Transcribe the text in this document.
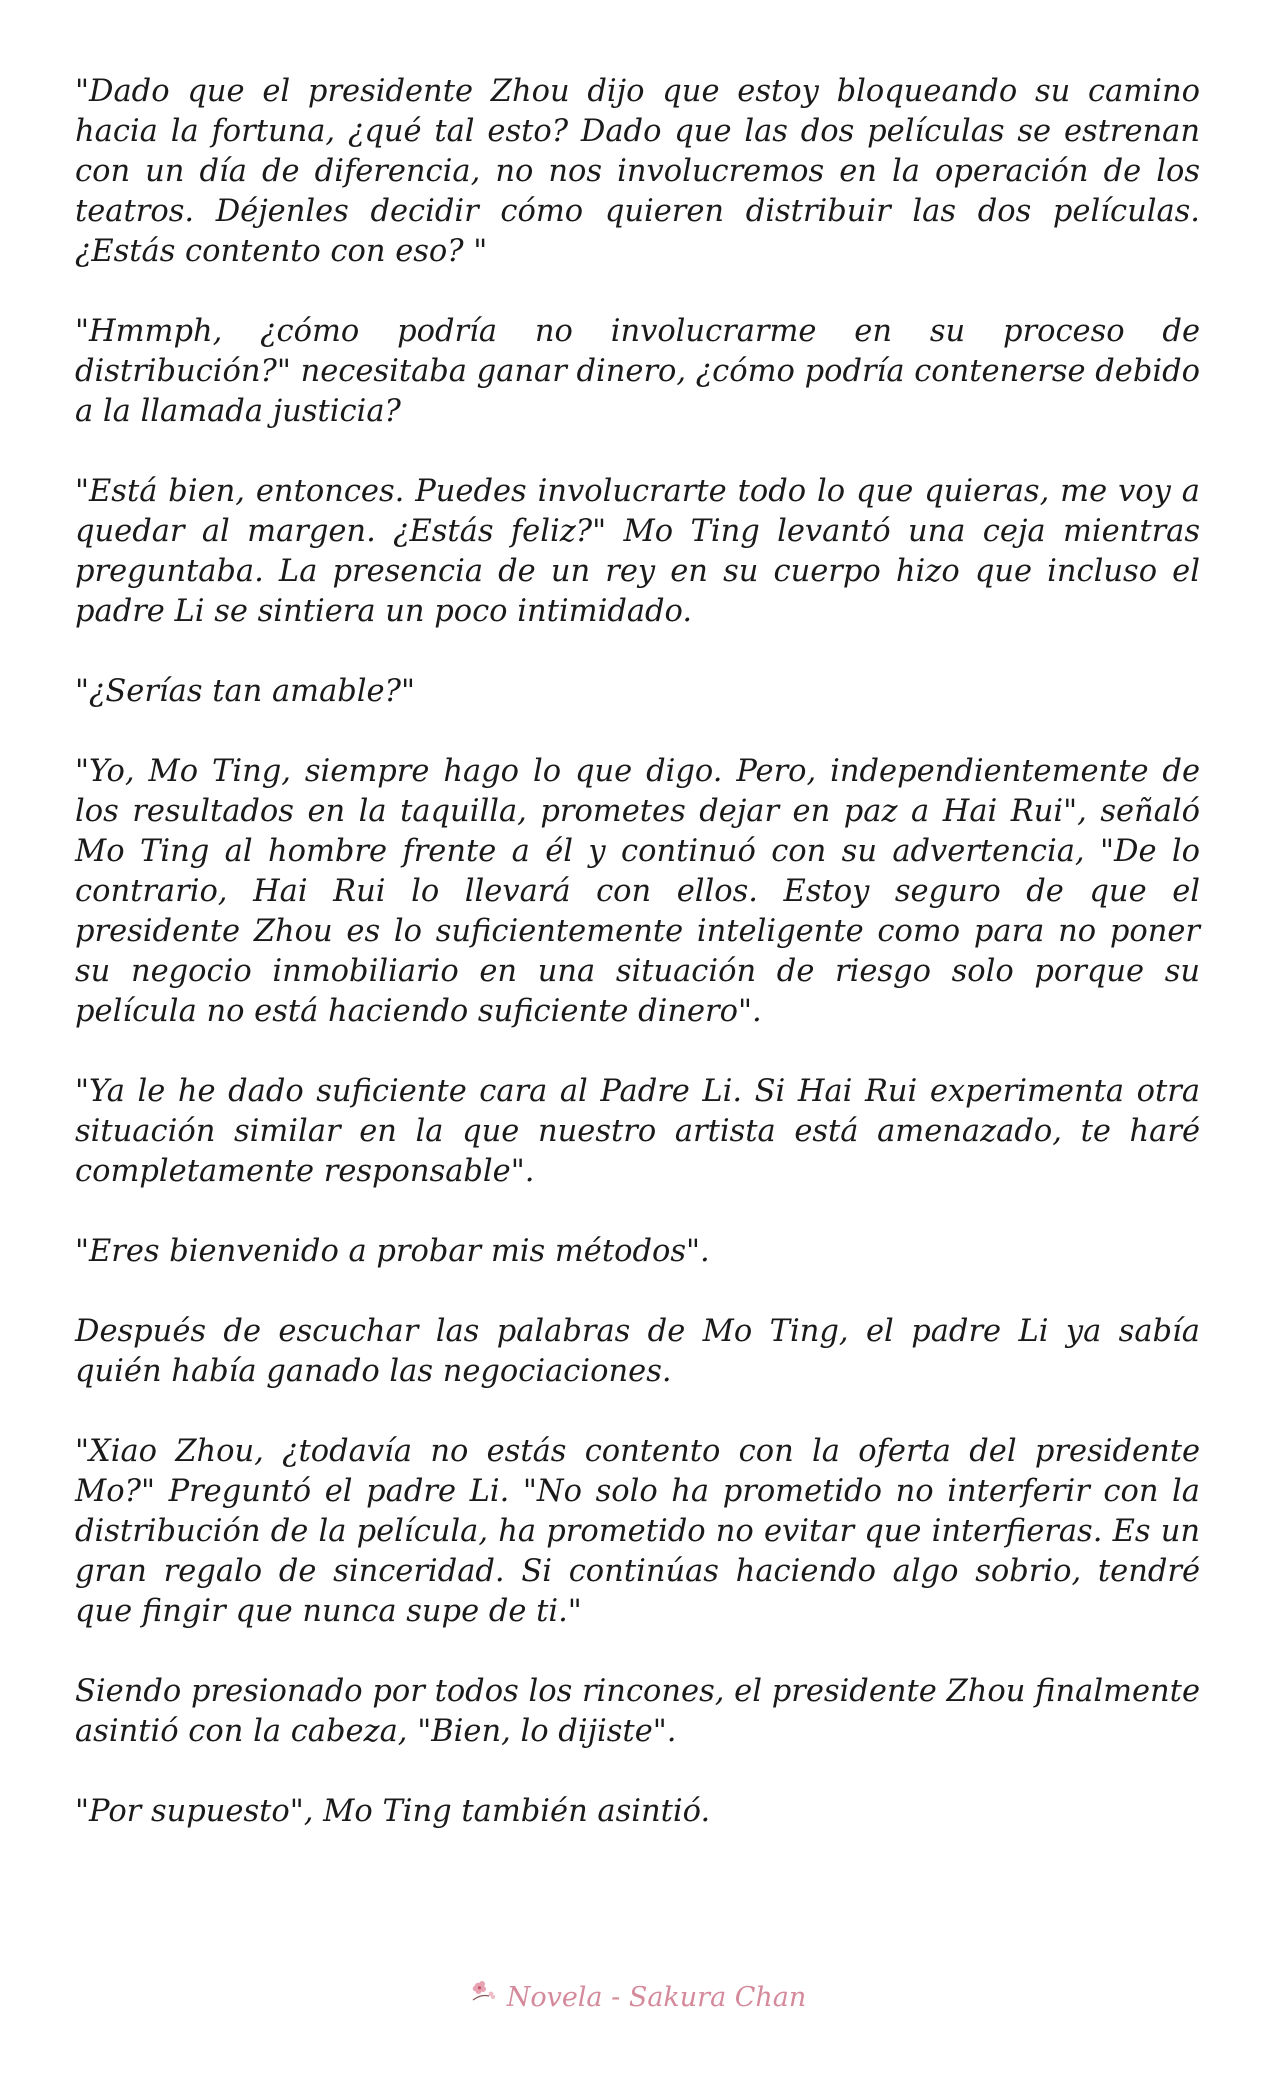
"Dado que el presidente Zhou dijo que estoy bloqueando su camino hacia la fortuna, ¿qué tal esto? Dado que las dos películas se estrenan con un día de diferencia, no nos involucremos en la operación de los teatros. Déjenles decidir cómo quieren distribuir las dos películas. ¿Estás contento con eso? "

"Hmmph, ¿cómo podría no involucrarme en su proceso de distribución?" necesitaba ganar dinero, ¿cómo podría contenerse debido a la llamada justicia?

"Está bien, entonces. Puedes involucrarte todo lo que quieras, me voy a quedar al margen. ¿Estás feliz?" Mo Ting levantó una ceja mientras preguntaba. La presencia de un rey en su cuerpo hizo que incluso el padre Li se sintiera un poco intimidado.

"¿Serías tan amable?"

"Yo, Mo Ting, siempre hago lo que digo. Pero, independientemente de los resultados en la taquilla, prometes dejar en paz a Hai Rui", señaló Mo Ting al hombre frente a él y continuó con su advertencia, "De lo contrario, Hai Rui lo llevará con ellos. Estoy seguro de que el presidente Zhou es lo suficientemente inteligente como para no poner su negocio inmobiliario en una situación de riesgo solo porque su película no está haciendo suficiente dinero".

"Ya le he dado suficiente cara al Padre Li. Si Hai Rui experimenta otra situación similar en la que nuestro artista está amenazado, te haré completamente responsable".

"Eres bienvenido a probar mis métodos".

Después de escuchar las palabras de Mo Ting, el padre Li ya sabía quién había ganado las negociaciones.

"Xiao Zhou, ¿todavía no estás contento con la oferta del presidente Mo?" Preguntó el padre Li. "No solo ha prometido no interferir con la distribución de la película, ha prometido no evitar que interfieras. Es un gran regalo de sinceridad. Si continúas haciendo algo sobrio, tendré que fingir que nunca supe de ti."

Siendo presionado por todos los rincones, el presidente Zhou finalmente asintió con la cabeza, "Bien, lo dijiste".

"Por supuesto", Mo Ting también asintió.

Novela - Sakura Chan
